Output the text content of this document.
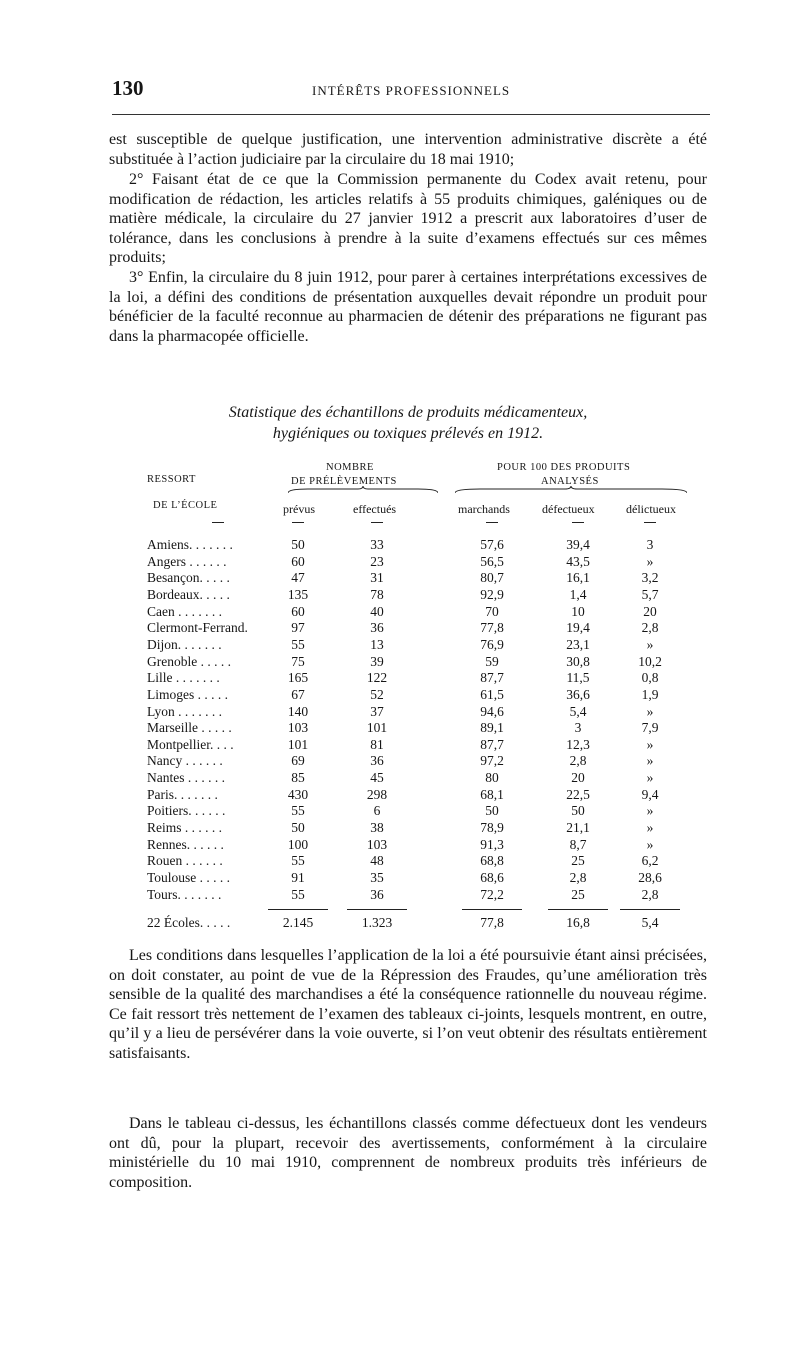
130	INTÉRÊTS PROFESSIONNELS

est susceptible de quelque justification, une intervention administrative discrète a été substituée à l’action judiciaire par la circulaire du 18 mai 1910;

2° Faisant état de ce que la Commission permanente du Codex avait retenu, pour modification de rédaction, les articles relatifs à 55 produits chimiques, galéniques ou de matière médicale, la circulaire du 27 janvier 1912 a prescrit aux laboratoires d’user de tolérance, dans les conclusions à prendre à la suite d’examens effectués sur ces mêmes produits;

3° Enfin, la circulaire du 8 juin 1912, pour parer à certaines interprétations excessives de la loi, a défini des conditions de présentation auxquelles devait répondre un produit pour bénéficier de la faculté reconnue au pharmacien de détenir des préparations ne figurant pas dans la pharmacopée officielle.

Statistique des échantillons de produits médicamenteux,
hygiéniques ou toxiques prélevés en 1912.
RESSORT
DE L’ÉCOLE
NOMBRE
DE PRÉLÈVEMENTS
POUR 100 DES PRODUITS
ANALYSÉS
prévus	effectués	marchands	défectueux	délictueux
Amiens. . . . . . .	50	33	57,6	39,4	3
Angers . . . . . .	60	23	56,5	43,5	»
Besançon. . . . .	47	31	80,7	16,1	3,2
Bordeaux. . . . .	135	78	92,9	1,4	5,7
Caen . . . . . . .	60	40	70	10	20
Clermont-Ferrand.	97	36	77,8	19,4	2,8
Dijon. . . . . . .	55	13	76,9	23,1	»
Grenoble . . . . .	75	39	59	30,8	10,2
Lille . . . . . . .	165	122	87,7	11,5	0,8
Limoges . . . . .	67	52	61,5	36,6	1,9
Lyon . . . . . . .	140	37	94,6	5,4	»
Marseille . . . . .	103	101	89,1	3	7,9
Montpellier. . . .	101	81	87,7	12,3	»
Nancy . . . . . .	69	36	97,2	2,8	»
Nantes . . . . . .	85	45	80	20	»
Paris. . . . . . .	430	298	68,1	22,5	9,4
Poitiers. . . . . .	55	6	50	50	»
Reims . . . . . .	50	38	78,9	21,1	»
Rennes. . . . . .	100	103	91,3	8,7	»
Rouen . . . . . .	55	48	68,8	25	6,2
Toulouse . . . . .	91	35	68,6	2,8	28,6
Tours. . . . . . .	55	36	72,2	25	2,8
22 Écoles. . . . .	2.145	1.323	77,8	16,8	5,4

Les conditions dans lesquelles l’application de la loi a été poursuivie étant ainsi précisées, on doit constater, au point de vue de la Répression des Fraudes, qu’une amélioration très sensible de la qualité des marchandises a été la conséquence rationnelle du nouveau régime. Ce fait ressort très nettement de l’examen des tableaux ci-joints, lesquels montrent, en outre, qu’il y a lieu de persévérer dans la voie ouverte, si l’on veut obtenir des résultats entièrement satisfaisants.

Dans le tableau ci-dessus, les échantillons classés comme défectueux dont les vendeurs ont dû, pour la plupart, recevoir des avertissements, conformément à la circulaire ministérielle du 10 mai 1910, comprennent de nombreux produits très inférieurs de composition.
